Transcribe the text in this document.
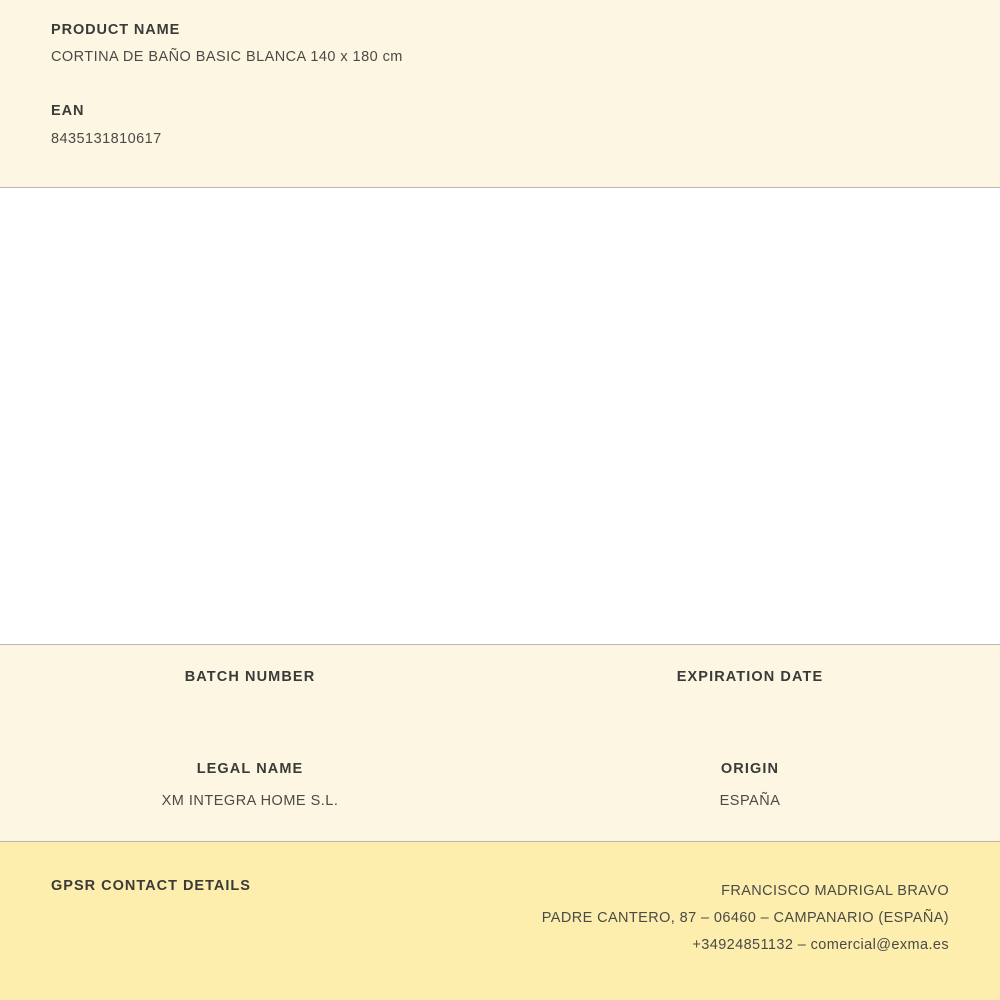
PRODUCT NAME
CORTINA DE BAÑO BASIC BLANCA 140 x 180 cm
EAN
8435131810617
BATCH NUMBER	EXPIRATION DATE
LEGAL NAME
XM INTEGRA HOME S.L.
ORIGIN
ESPAÑA
GPSR CONTACT DETAILS	FRANCISCO MADRIGAL BRAVO
PADRE CANTERO, 87 – 06460 – CAMPANARIO (ESPAÑA)
+34924851132 – comercial@exma.es
